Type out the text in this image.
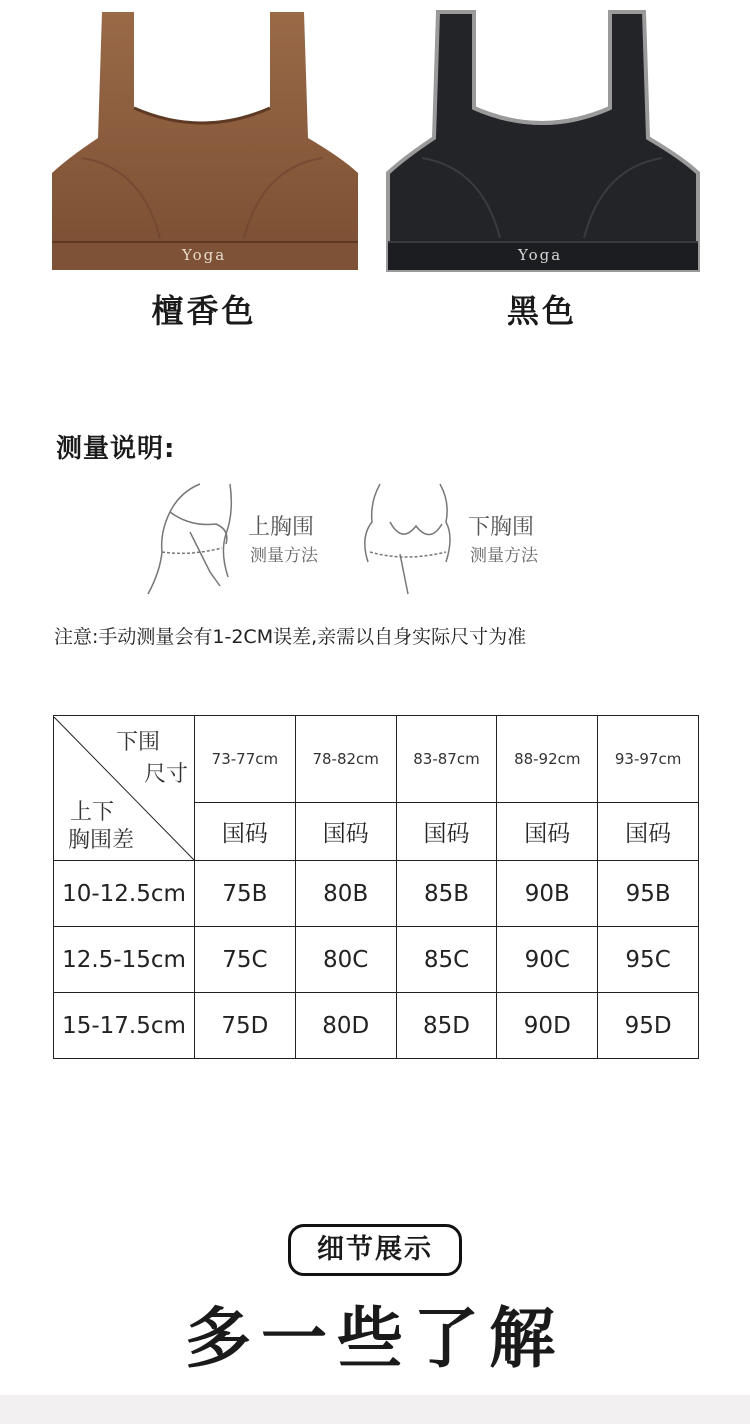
Yoga
檀香色
Yoga
黑色
测量说明:
上胸围
测量方法
下胸围
测量方法
注意:手动测量会有1-2CM误差,亲需以自身实际尺寸为准
下围
尺寸
上下
胸围差	73-77cm	78-82cm	83-87cm	88-92cm	93-97cm
	国码	国码	国码	国码	国码
10-12.5cm	75B	80B	85B	90B	95B
12.5-15cm	75C	80C	85C	90C	95C
15-17.5cm	75D	80D	85D	90D	95D
细节展示
多一些了解
